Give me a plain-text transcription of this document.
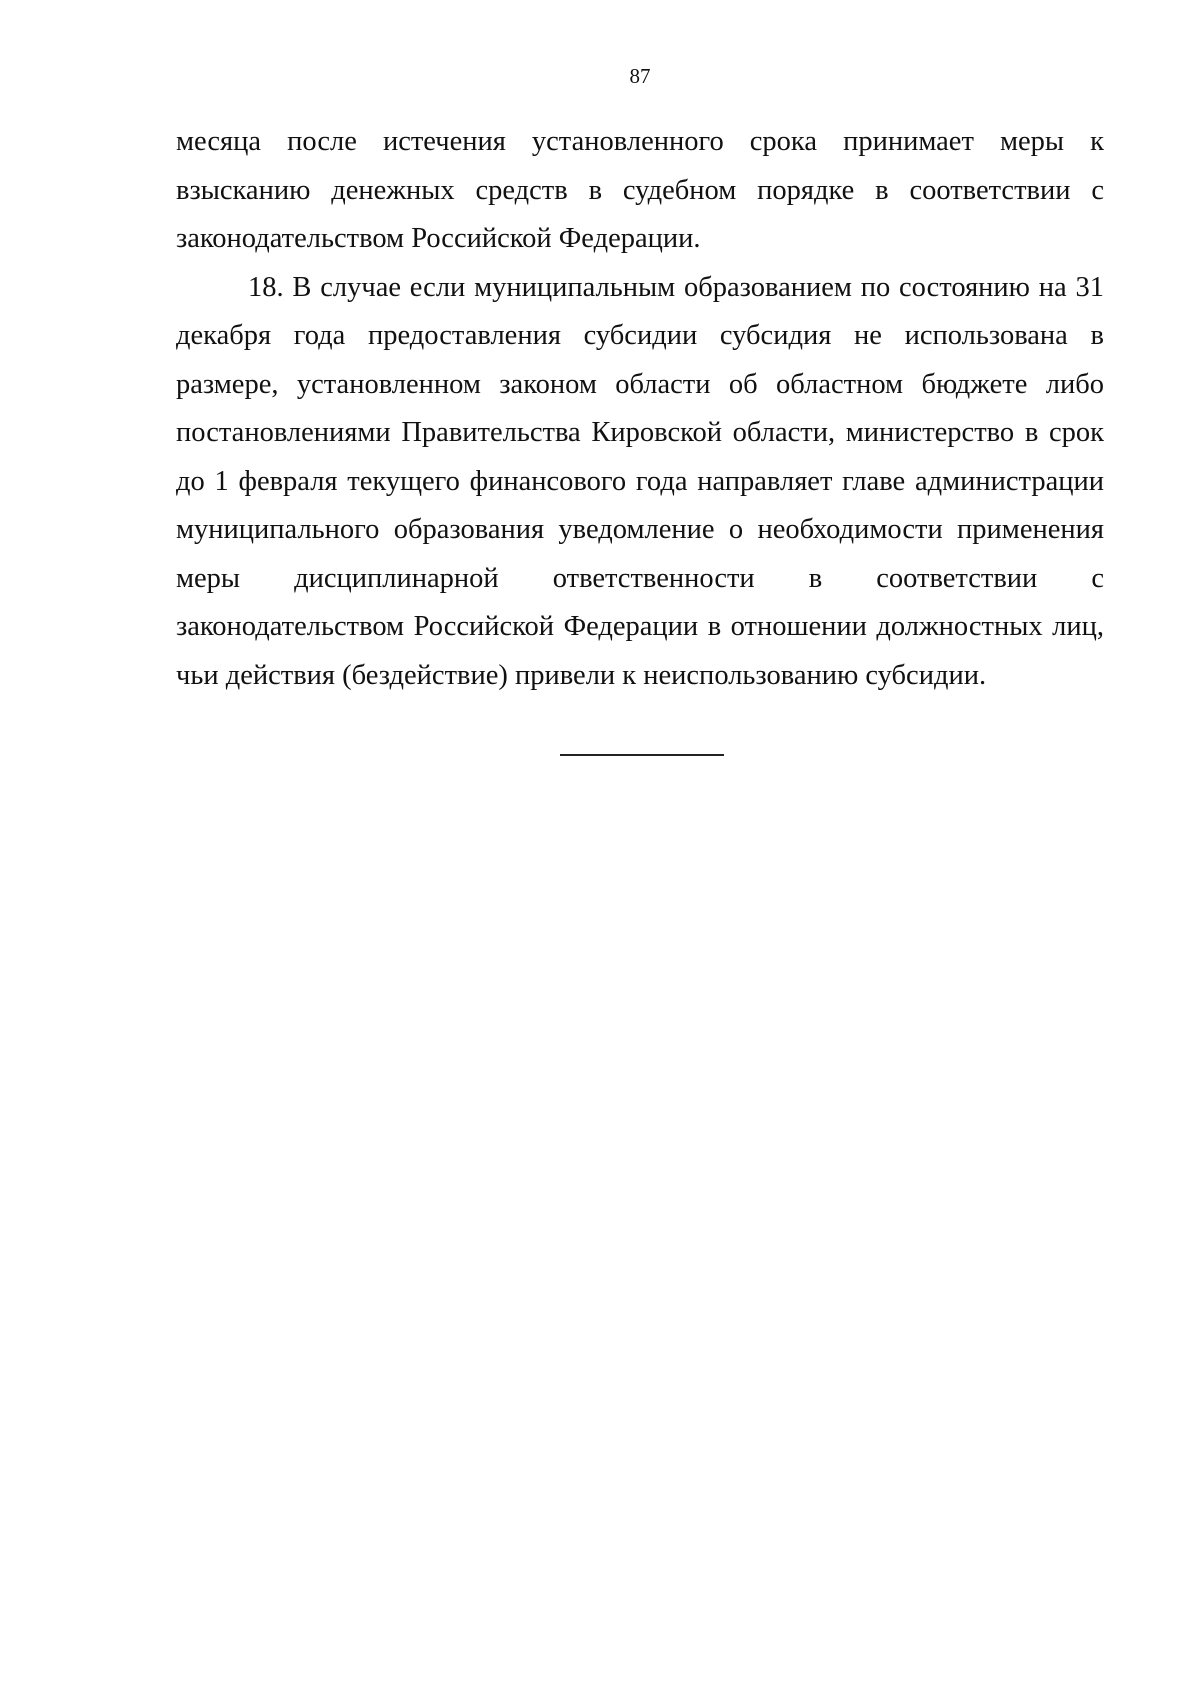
87

месяца после истечения установленного срока принимает меры к взысканию денежных средств в судебном порядке в соответствии с законодательством Российской Федерации.

18. В случае если муниципальным образованием по состоянию на 31 декабря года предоставления субсидии субсидия не использована в размере, установленном законом области об областном бюджете либо постановлениями Правительства Кировской области, министерство в срок до 1 февраля текущего финансового года направляет главе администрации муниципального образования уведомление о необходимости применения меры дисциплинарной ответственности в соответствии с законодательством Российской Федерации в отношении должностных лиц, чьи действия (бездействие) привели к неиспользованию субсидии.
